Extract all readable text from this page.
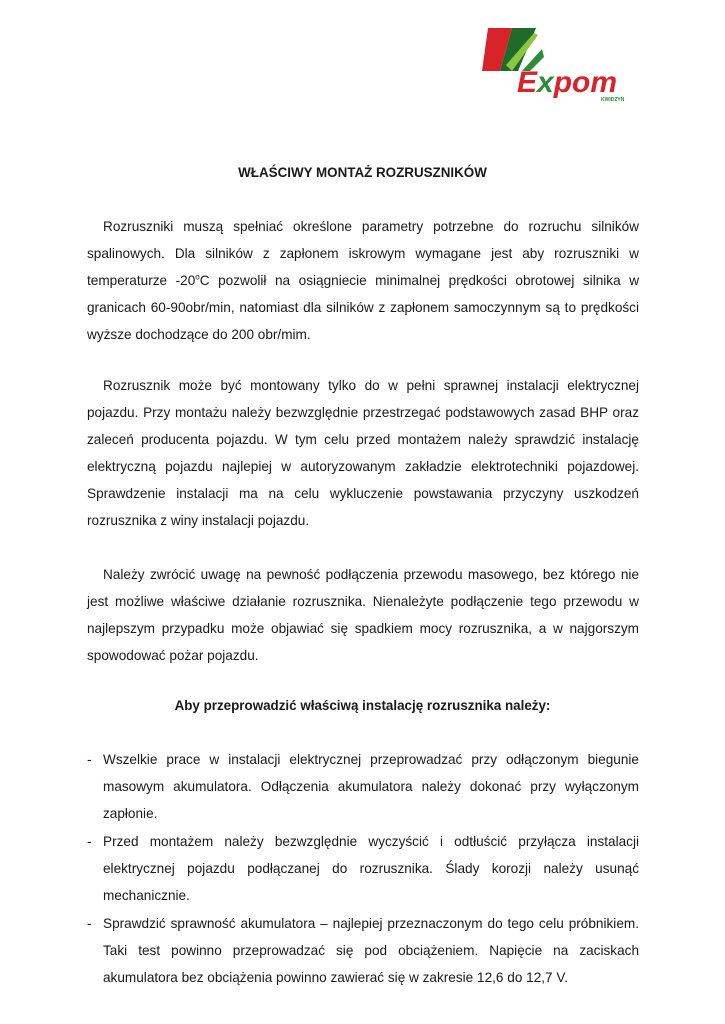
Expom
KWIDZYN
WŁAŚCIWY MONTAŻ ROZRUSZNIKÓW

Rozruszniki muszą spełniać określone parametry potrzebne do rozruchu silników spalinowych. Dla silników z zapłonem iskrowym wymagane jest aby rozruszniki w temperaturze -20$^o$C pozwolił na osiągniecie minimalnej prędkości obrotowej silnika w granicach 60-90obr/min, natomiast dla silników z zapłonem samoczynnym są to prędkości wyższe dochodzące do 200 obr/mim.

Rozrusznik może być montowany tylko do w pełni sprawnej instalacji elektrycznej pojazdu. Przy montażu należy bezwzględnie przestrzegać podstawowych zasad BHP oraz zaleceń producenta pojazdu. W tym celu przed montażem należy sprawdzić instalację elektryczną pojazdu najlepiej w autoryzowanym zakładzie elektrotechniki pojazdowej. Sprawdzenie instalacji ma na celu wykluczenie powstawania przyczyny uszkodzeń rozrusznika z winy instalacji pojazdu.

Należy zwrócić uwagę na pewność podłączenia przewodu masowego, bez którego nie jest możliwe właściwe działanie rozrusznika. Nienależyte podłączenie tego przewodu w najlepszym przypadku może objawiać się spadkiem mocy rozrusznika, a w najgorszym spowodować pożar pojazdu.

Aby przeprowadzić właściwą instalację rozrusznika należy:
- Wszelkie prace w instalacji elektrycznej przeprowadzać przy odłączonym biegunie masowym akumulatora. Odłączenia akumulatora należy dokonać przy wyłączonym zapłonie.
- Przed montażem należy bezwzględnie wyczyścić i odtłuścić przyłącza instalacji elektrycznej pojazdu podłączanej do rozrusznika. Ślady korozji należy usunąć mechanicznie.
- Sprawdzić sprawność akumulatora – najlepiej przeznaczonym do tego celu próbnikiem. Taki test powinno przeprowadzać się pod obciążeniem. Napięcie na zaciskach akumulatora bez obciążenia powinno zawierać się w zakresie 12,6 do 12,7 V.
